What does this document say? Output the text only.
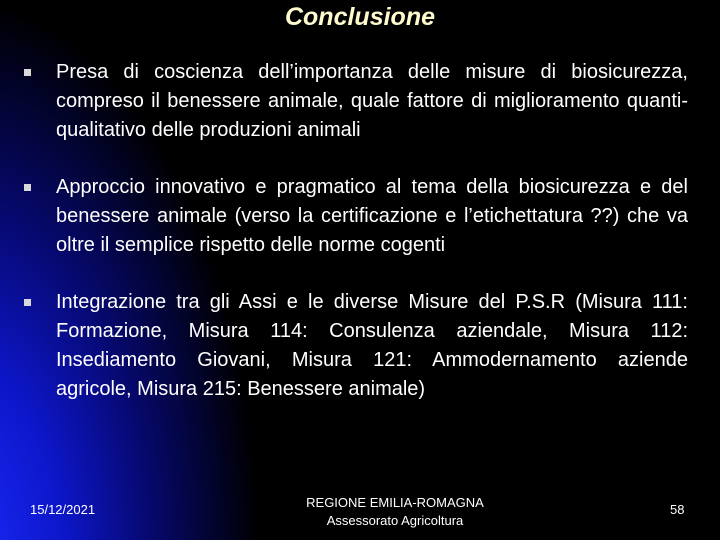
Conclusione
Presa di coscienza dell’importanza delle misure di biosicurezza, compreso il benessere animale, quale fattore di miglioramento quanti-qualitativo delle produzioni animali
Approccio innovativo e pragmatico al tema della biosicurezza e del benessere animale (verso la certificazione e l’etichettatura ??) che va oltre il semplice rispetto delle norme cogenti
Integrazione tra gli Assi e le diverse Misure del P.S.R (Misura 111: Formazione, Misura 114: Consulenza aziendale, Misura 112: Insediamento Giovani, Misura 121: Ammodernamento aziende agricole, Misura 215: Benessere animale)
15/12/2021	REGIONE EMILIA-ROMAGNA
Assessorato Agricoltura
58
